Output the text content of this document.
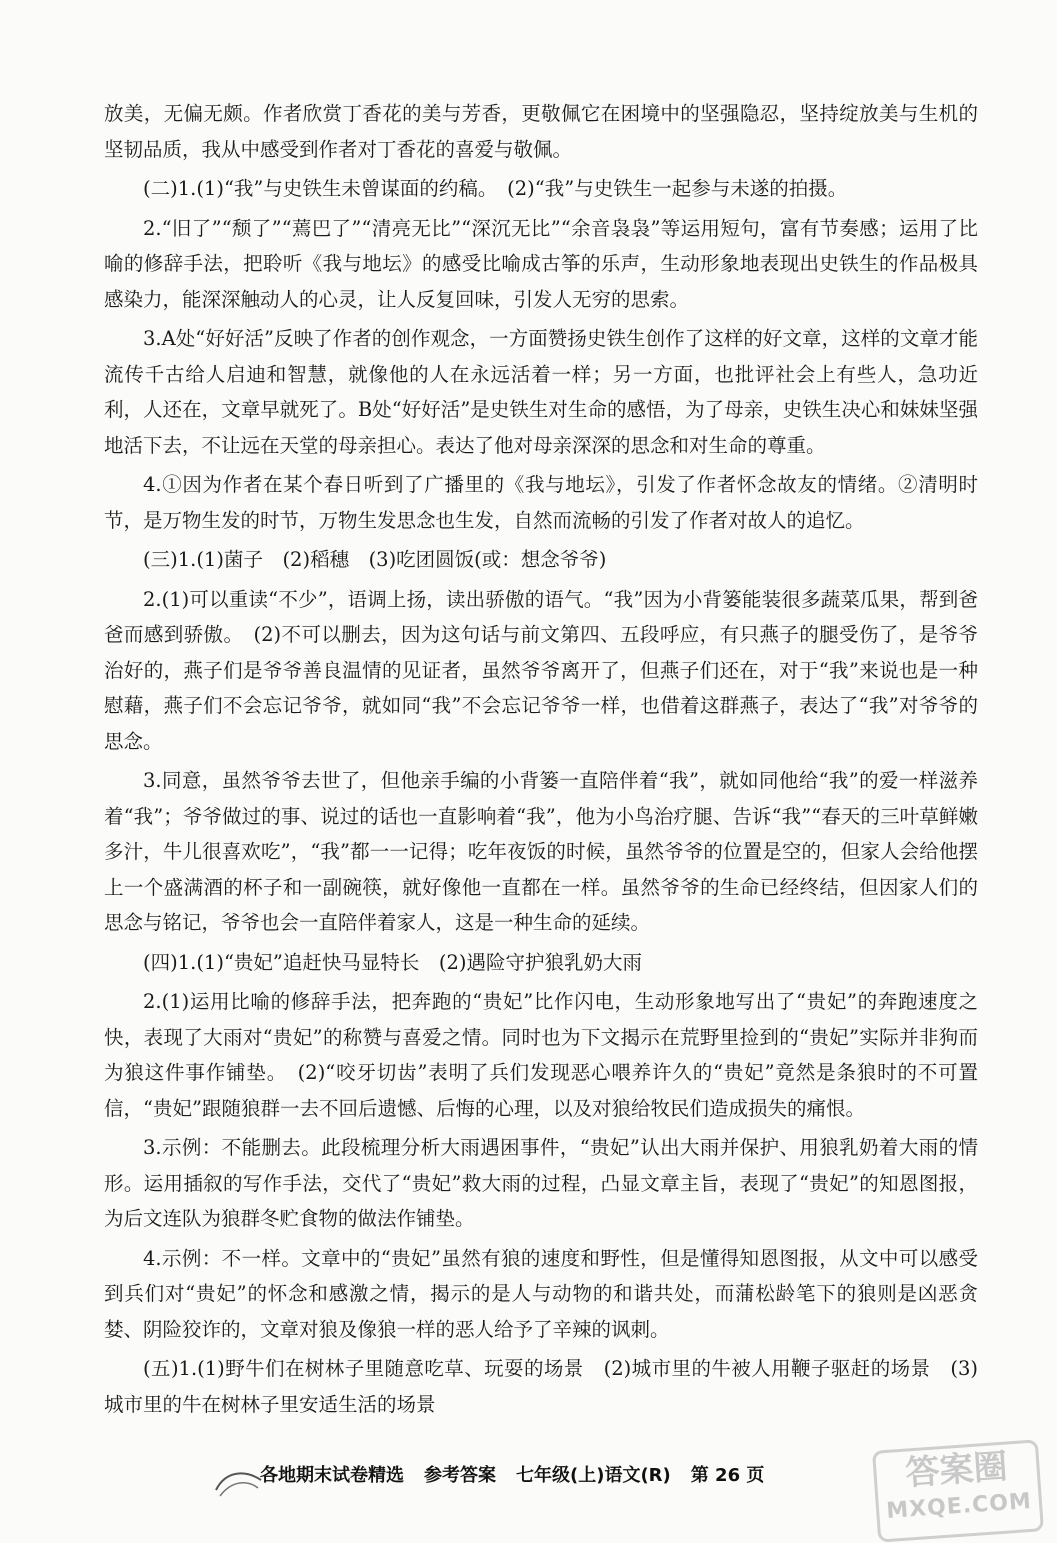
放美，无偏无颇。作者欣赏丁香花的美与芳香，更敬佩它在困境中的坚强隐忍，坚持绽放美与生机的坚韧品质，我从中感受到作者对丁香花的喜爱与敬佩。

(二)1.(1)“我”与史铁生未曾谋面的约稿。　(2)“我”与史铁生一起参与未遂的拍摄。

2.“旧了”“颓了”“蔫巴了”“清亮无比”“深沉无比”“余音袅袅”等运用短句，富有节奏感；运用了比喻的修辞手法，把聆听《我与地坛》的感受比喻成古筝的乐声，生动形象地表现出史铁生的作品极具感染力，能深深触动人的心灵，让人反复回味，引发人无穷的思索。

3.A处“好好活”反映了作者的创作观念，一方面赞扬史铁生创作了这样的好文章，这样的文章才能流传千古给人启迪和智慧，就像他的人在永远活着一样；另一方面，也批评社会上有些人，急功近利，人还在，文章早就死了。B处“好好活”是史铁生对生命的感悟，为了母亲，史铁生决心和妹妹坚强地活下去，不让远在天堂的母亲担心。表达了他对母亲深深的思念和对生命的尊重。

4.①因为作者在某个春日听到了广播里的《我与地坛》，引发了作者怀念故友的情绪。②清明时节，是万物生发的时节，万物生发思念也生发，自然而流畅的引发了作者对故人的追忆。

(三)1.(1)菌子　(2)稻穗　(3)吃团圆饭(或：想念爷爷)

2.(1)可以重读“不少”，语调上扬，读出骄傲的语气。“我”因为小背篓能装很多蔬菜瓜果，帮到爸爸而感到骄傲。　(2)不可以删去，因为这句话与前文第四、五段呼应，有只燕子的腿受伤了，是爷爷治好的，燕子们是爷爷善良温情的见证者，虽然爷爷离开了，但燕子们还在，对于“我”来说也是一种慰藉，燕子们不会忘记爷爷，就如同“我”不会忘记爷爷一样，也借着这群燕子，表达了“我”对爷爷的思念。

3.同意，虽然爷爷去世了，但他亲手编的小背篓一直陪伴着“我”，就如同他给“我”的爱一样滋养着“我”；爷爷做过的事、说过的话也一直影响着“我”，他为小鸟治疗腿、告诉“我”“春天的三叶草鲜嫩多汁，牛儿很喜欢吃”，“我”都一一记得；吃年夜饭的时候，虽然爷爷的位置是空的，但家人会给他摆上一个盛满酒的杯子和一副碗筷，就好像他一直都在一样。虽然爷爷的生命已经终结，但因家人们的思念与铭记，爷爷也会一直陪伴着家人，这是一种生命的延续。

(四)1.(1)“贵妃”追赶快马显特长　(2)遇险守护狼乳奶大雨

2.(1)运用比喻的修辞手法，把奔跑的“贵妃”比作闪电，生动形象地写出了“贵妃”的奔跑速度之快，表现了大雨对“贵妃”的称赞与喜爱之情。同时也为下文揭示在荒野里捡到的“贵妃”实际并非狗而为狼这件事作铺垫。　(2)“咬牙切齿”表明了兵们发现恶心喂养许久的“贵妃”竟然是条狼时的不可置信，“贵妃”跟随狼群一去不回后遗憾、后悔的心理，以及对狼给牧民们造成损失的痛恨。

3.示例：不能删去。此段梳理分析大雨遇困事件，“贵妃”认出大雨并保护、用狼乳奶着大雨的情形。运用插叙的写作手法，交代了“贵妃”救大雨的过程，凸显文章主旨，表现了“贵妃”的知恩图报，为后文连队为狼群冬贮食物的做法作铺垫。

4.示例：不一样。文章中的“贵妃”虽然有狼的速度和野性，但是懂得知恩图报，从文中可以感受到兵们对“贵妃”的怀念和感激之情，揭示的是人与动物的和谐共处，而蒲松龄笔下的狼则是凶恶贪婪、阴险狡诈的，文章对狼及像狼一样的恶人给予了辛辣的讽刺。

(五)1.(1)野牛们在树林子里随意吃草、玩耍的场景　(2)城市里的牛被人用鞭子驱赶的场景　(3)城市里的牛在树林子里安适生活的场景

各地期末试卷精选 参考答案 七年级(上)语文(R) 第 26 页	答案圈
MXQE.COM
